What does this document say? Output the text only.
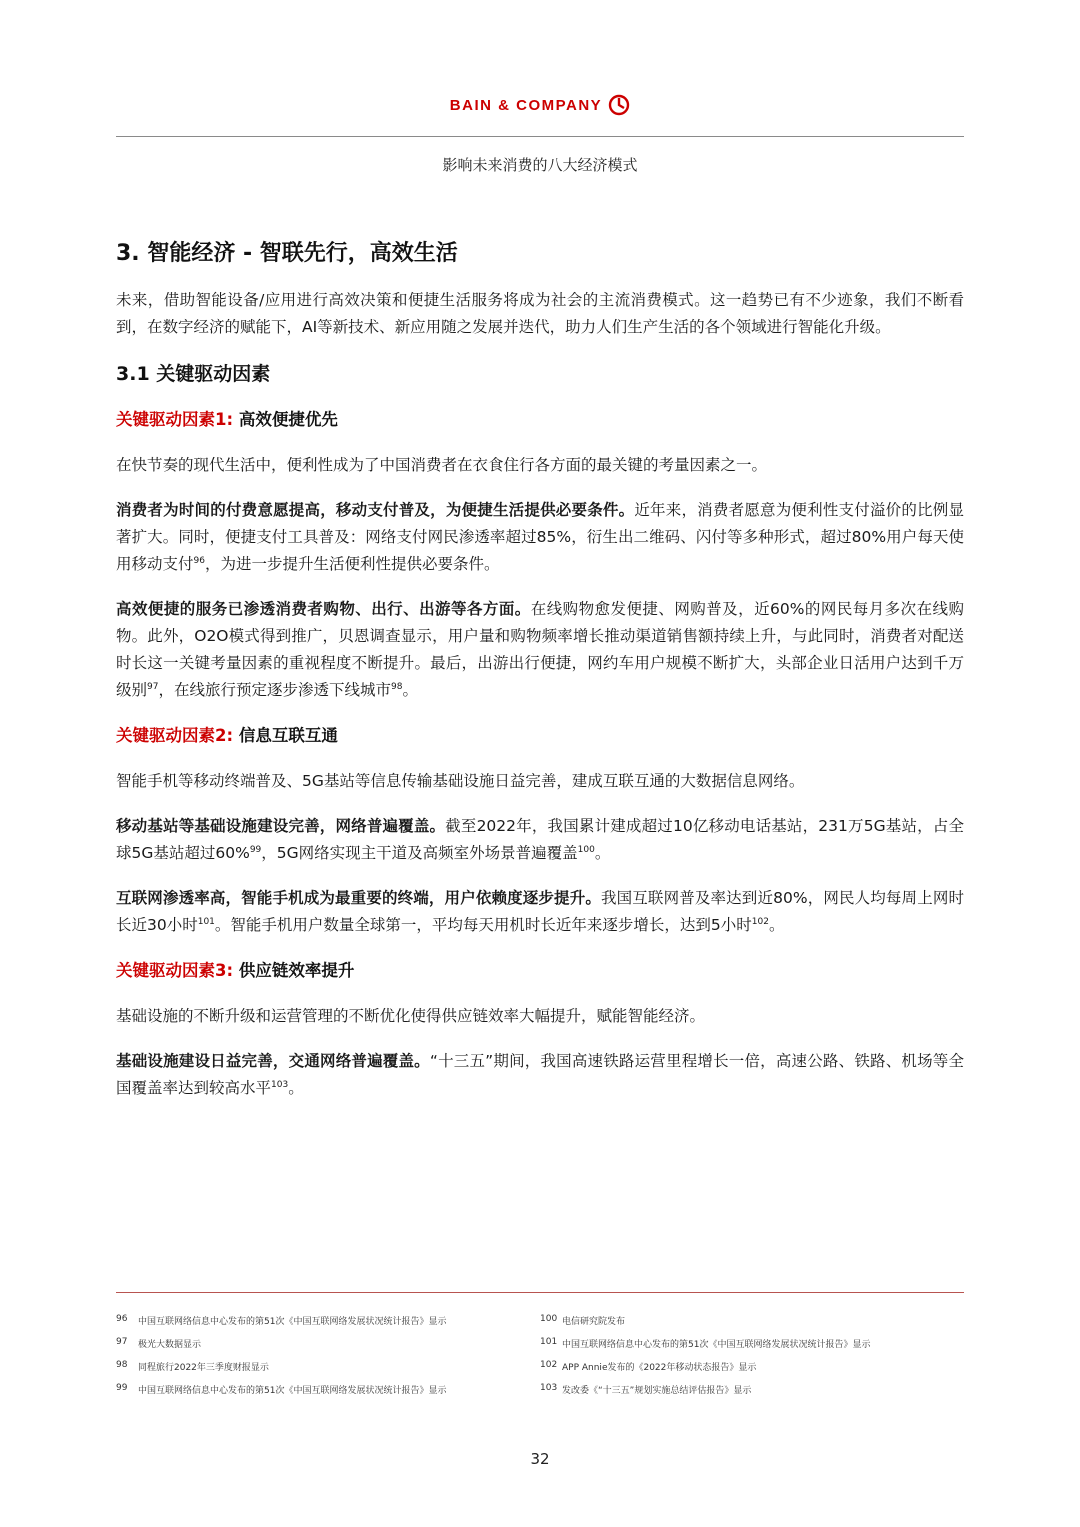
BAIN & COMPANY
影响未来消费的八大经济模式
3. 智能经济 - 智联先行，高效生活

未来，借助智能设备/应用进行高效决策和便捷生活服务将成为社会的主流消费模式。这一趋势已有不少迹象，我们不断看到，在数字经济的赋能下，AI等新技术、新应用随之发展并迭代，助力人们生产生活的各个领域进行智能化升级。

3.1 关键驱动因素
关键驱动因素1: 高效便捷优先

在快节奏的现代生活中，便利性成为了中国消费者在衣食住行各方面的最关键的考量因素之一。

消费者为时间的付费意愿提高，移动支付普及，为便捷生活提供必要条件。近年来，消费者愿意为便利性支付溢价的比例显著扩大。同时，便捷支付工具普及：网络支付网民渗透率超过85%，衍生出二维码、闪付等多种形式，超过80%用户每天使用移动支付$^{96}$，为进一步提升生活便利性提供必要条件。

高效便捷的服务已渗透消费者购物、出行、出游等各方面。在线购物愈发便捷、网购普及，近60%的网民每月多次在线购物。此外，O2O模式得到推广，贝恩调查显示，用户量和购物频率增长推动渠道销售额持续上升，与此同时，消费者对配送时长这一关键考量因素的重视程度不断提升。最后，出游出行便捷，网约车用户规模不断扩大，头部企业日活用户达到千万级别$^{97}$，在线旅行预定逐步渗透下线城市$^{98}$。

关键驱动因素2: 信息互联互通

智能手机等移动终端普及、5G基站等信息传输基础设施日益完善，建成互联互通的大数据信息网络。

移动基站等基础设施建设完善，网络普遍覆盖。截至2022年，我国累计建成超过10亿移动电话基站，231万5G基站，占全球5G基站超过60%$^{99}$，5G网络实现主干道及高频室外场景普遍覆盖$^{100}$。

互联网渗透率高，智能手机成为最重要的终端，用户依赖度逐步提升。我国互联网普及率达到近80%，网民人均每周上网时长近30小时$^{101}$。智能手机用户数量全球第一，平均每天用机时长近年来逐步增长，达到5小时$^{102}$。

关键驱动因素3: 供应链效率提升

基础设施的不断升级和运营管理的不断优化使得供应链效率大幅提升，赋能智能经济。

基础设施建设日益完善，交通网络普遍覆盖。“十三五”期间，我国高速铁路运营里程增长一倍，高速公路、铁路、机场等全国覆盖率达到较高水平$^{103}$。

96	中国互联网络信息中心发布的第51次《中国互联网络发展状况统计报告》显示
97	极光大数据显示
98	同程旅行2022年三季度财报显示
99	中国互联网络信息中心发布的第51次《中国互联网络发展状况统计报告》显示
100 电信研究院发布
101 中国互联网络信息中心发布的第51次《中国互联网络发展状况统计报告》显示
102 APP Annie发布的《2022年移动状态报告》显示
103 发改委《“十三五”规划实施总结评估报告》显示
32
